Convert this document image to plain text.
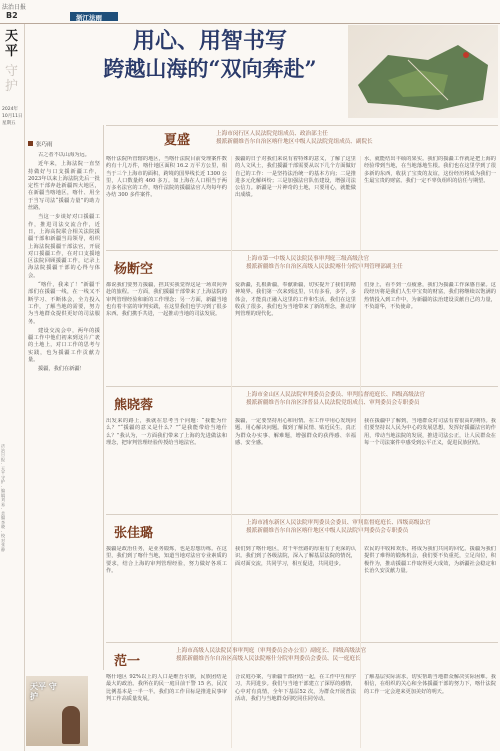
法治日报
B2	浙江法雨
天平
守护
2024年
10月11日
星期五
法治日报 · 天平守护 · 编辑 刘易 · 美编 李晓 · 校对 张静
用心、用智书写
跨越山海的“双向奔赴”
张巧雨

古之者不以山海为远。

近年来，上海法院一直坚持做好与口支援新疆工作，2023年以来上海法院先后一批定性干部奔赴新疆四大地区，在新疆当喀地区，喀什、用全于当写司法“援疆力量”的助力丝路。

当这一步谈好对口援疆工作，推进司法交流合作，近日，上海高院联合相关法院援疆干部和新疆当局领导，组织上海法院援疆干部法官，开展对口援疆工作，在对口支援地区法院回顾援疆工作，记录上海法院援疆干部的心得与体会。

“喀什，我来了！”新疆干部们在援疆一线，在一线又不断学习、不断体会，全力投入工作，了解当地的需要，努力为当地群众提供更好的司法服务。

建设交流会中，两年的援疆工作中他们初来到这片广袤的土地上，对口工作的思考与实践，也为援疆工作贡献力量。

援疆，我们在新疆！

天平 守护
夏盛	上海市闵行区人民法院党组成员、政治部主任
援派新疆维吾尔自治区喀什地区中级人民法院党组成员、副院长
喀什法院所管辖的地区，当喀什法院目前受理案件数约有十几万件，喀什地区面积 16.2 万平方公里，相当于三个上海市的面积，跨境的国界线长近 1300 公里，人口数量约 460 多万。如上海在人口相当于两万多名法官的工作，喀什法院的援疆法官人均每年约办结 300 多件案件。
援疆的日子对我们来说有着特殊的意义，了解了这里的人文风土，我们援疆干部需要从以下几个方面做好自己的工作：一是坚持法治统一的基本方向；二是推进多元化解纠纷；三是加强法官队伍建设，增强司法公信力。新疆是一片神奇的土地，只要用心，就能做出成绩。
水，就能结出丰硕的果实。我们的援疆工作就是把上海的经验带到当地，在当地落地生根。我们也在这里学到了很多新的东西，收获了宝贵的友谊，这份经历将成为我们一生最宝贵的财富。我们一定不辜负组织的信任与期望。
杨断空
上海市第一中级人民法院民事审判庭三级高级法官
援派新疆维吾尔自治区高级人民法院喀什分院审判管理部副主任
都说我们要努力援疆，担其实我觉得这是一场双向奔赴的旅程。一方面，我们援疆干部带来了上海法院的审判管理经验和新的工作理念；另一方面，新疆当地也有着丰富的审判实践，在这里我们也学习到了很多东西。我们携手共进，一起推动当地的司法发展。
爱新疆，扎根新疆，奉献新疆，切实提升了我们的精神境界。我们第一次来到这里，只有多看，多学，多体会，才能真正融入这里的工作和生活。我们在这里收获了很多，我们也为当地带来了新的理念，推动审判管理的现代化。
们身上，看不到一点疲惫，我们为援疆工作深感自豪。这段经历将是我们人生中宝贵的财富，我们将继续以饱满的热情投入到工作中，为新疆的法治建设贡献自己的力量，不负韶华，不负使命。
熊晓蓉
上海市金山区人民法院审判委员会委员、审判监督庭庭长、四级高级法官
援派新疆维吾尔自治区泽普县人民法院党组成员、审判委员会专职委员
出发来的路上，我就在思考当个问题：“我能为什么？”“援疆的意义是什么？”“是我能带给当地什么？”我认为，一方面我们带来了上海的先进做法和理念，把审判管理经验传授给当地法官。
援疆，一定要坚持用心和用情。在工作中用心发现问题、用心解决问题。做到了解民情、贴近民生，真正为群众办实事、解难题，增强群众的获得感、幸福感、安全感。
我在援疆中了解到，当地群众对司法有着很高的期待。我们要坚持以人民为中心的发展思想，发挥好援疆法官的作用，带动当地法院的发展，推进司法公正，让人民群众在每一个司法案件中感受到公平正义，促进民族团结。
张佳璐
上海市浦东新区人民法院审判委员会委员、审判监督庭庭长、四级高级法官
援派新疆维吾尔自治区喀什地区中级人民法院审判委员会专职委员
援疆是政治任务，是业务锻炼，也是思想历练。在这里，我们到了喀什当地，知道当地对法官专业素质的要求，结合上海的审判管理经验，努力做好各项工作。
我们到了喀什地区，对千年丝路的厚重有了更深的认识。我们到了各级法院，深入了解基层法院的情况，面对面交流，共同学习，相互促进，共同进步。
农民的丰收和欢乐，将成为我们共同的回忆。援疆为我们提供了难得的锻炼机会，我们要不负重托，立足岗位，积极作为，推动援疆工作取得更大成效，为新疆社会稳定和长治久安贡献力量。
范一
上海市高级人民法院民事审判庭（审判委员会办公室）副庭长、四级高级法官
援派新疆维吾尔自治区高级人民法院喀什分院审判委员会委员、民一庭庭长
喀什地区 92%以上的人口是维吾尔族，民族团结是最大的政治。我所在的民一庭目前干警 15 名，民汉比例基本是一半一半。我们的工作目标是推进民事审判工作高质量发展。
合议庭办案，与新疆干部团结一起，在工作中互相学习，共同进步。我们与当地干部建立了深厚的感情，心中对有真情，全年下基层52 次，为群众开展普法活动，我们与当地群众同吃同住同劳动。
了解基层实际需求，切实帮助当地群众解决实际困难。我相信，在组织的关心和全体援疆干部的努力下，喀什法院的工作一定会迎来更加美好的明天。
